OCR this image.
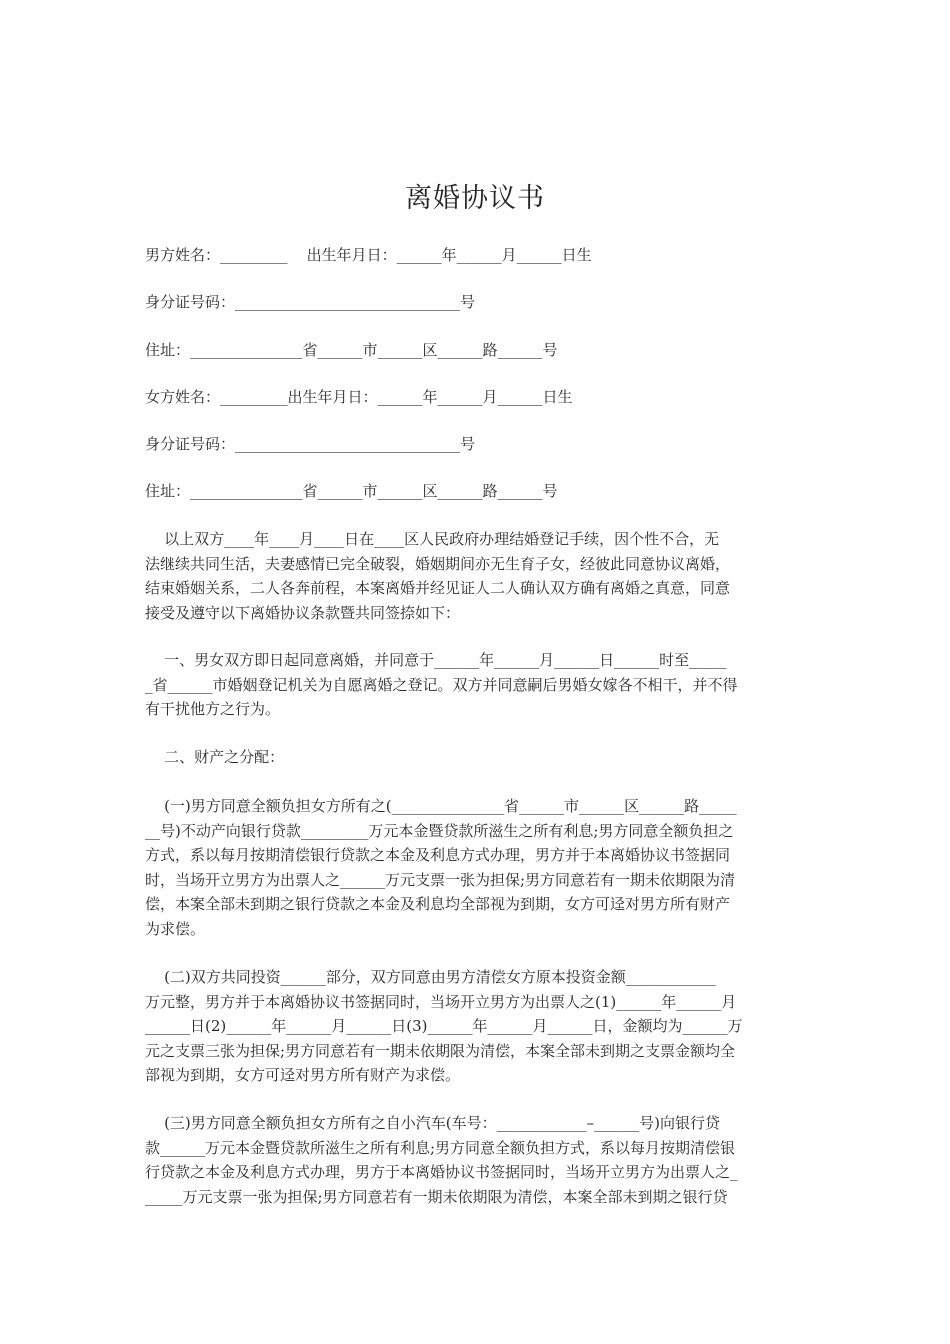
离婚协议书

男方姓名：_________    出生年月日：______年______月______日生

身分证号码：______________________________号

住址：_______________省______市______区______路______号

女方姓名：_________出生年月日：______年______月______日生

身分证号码：______________________________号

住址：_______________省______市______区______路______号

以上双方____年____月____日在____区人民政府办理结婚登记手续，因个性不合，无
法继续共同生活，夫妻感情已完全破裂，婚姻期间亦无生育子女，经彼此同意协议离婚，
结束婚姻关系，二人各奔前程，本案离婚并经见证人二人确认双方确有离婚之真意，同意
接受及遵守以下离婚协议条款暨共同签捺如下：
一、男女双方即日起同意离婚，并同意于______年______月______日______时至_____
_省______市婚姻登记机关为自愿离婚之登记。双方并同意嗣后男婚女嫁各不相干，并不得
有干扰他方之行为。
二、财产之分配：
(一)男方同意全额负担女方所有之(_______________省______市______区______路_____
__号)不动产向银行贷款_________万元本金暨贷款所滋生之所有利息;男方同意全额负担之
方式，系以每月按期清偿银行贷款之本金及利息方式办理，男方并于本离婚协议书签据同
时，当场开立男方为出票人之______万元支票一张为担保;男方同意若有一期未依期限为清
偿，本案全部未到期之银行贷款之本金及利息均全部视为到期，女方可迳对男方所有财产
为求偿。
(二)双方共同投资______部分，双方同意由男方清偿女方原本投资金额____________
万元整，男方并于本离婚协议书签据同时，当场开立男方为出票人之(1)______年______月
______日(2)______年______月______日(3)______年______月______日，金额均为______万
元之支票三张为担保;男方同意若有一期未依期限为清偿，本案全部未到期之支票金额均全
部视为到期，女方可迳对男方所有财产为求偿。
(三)男方同意全额负担女方所有之自小汽车(车号：____________–______号)向银行贷
款______万元本金暨贷款所滋生之所有利息;男方同意全额负担方式，系以每月按期清偿银
行贷款之本金及利息方式办理，男方于本离婚协议书签据同时，当场开立男方为出票人之_
_____万元支票一张为担保;男方同意若有一期未依期限为清偿，本案全部未到期之银行贷
